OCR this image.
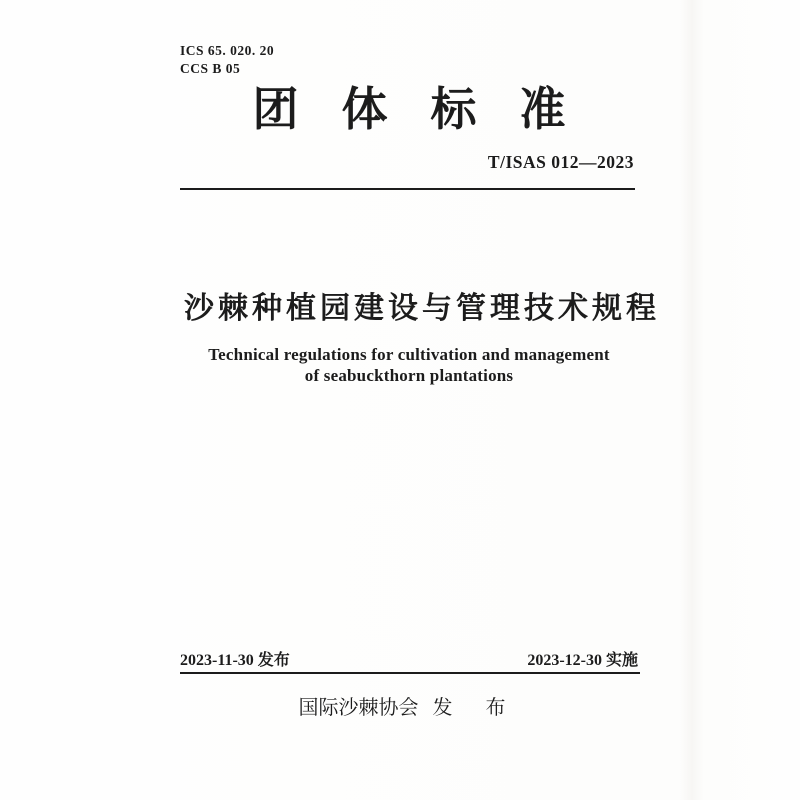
ICS 65. 020. 20
CCS B 05
团体标准
T/ISAS 012—2023
沙棘种植园建设与管理技术规程
Technical regulations for cultivation and management
of seabuckthorn plantations
2023-11-30 发布	2023-12-30 实施
国际沙棘协会 发 布
